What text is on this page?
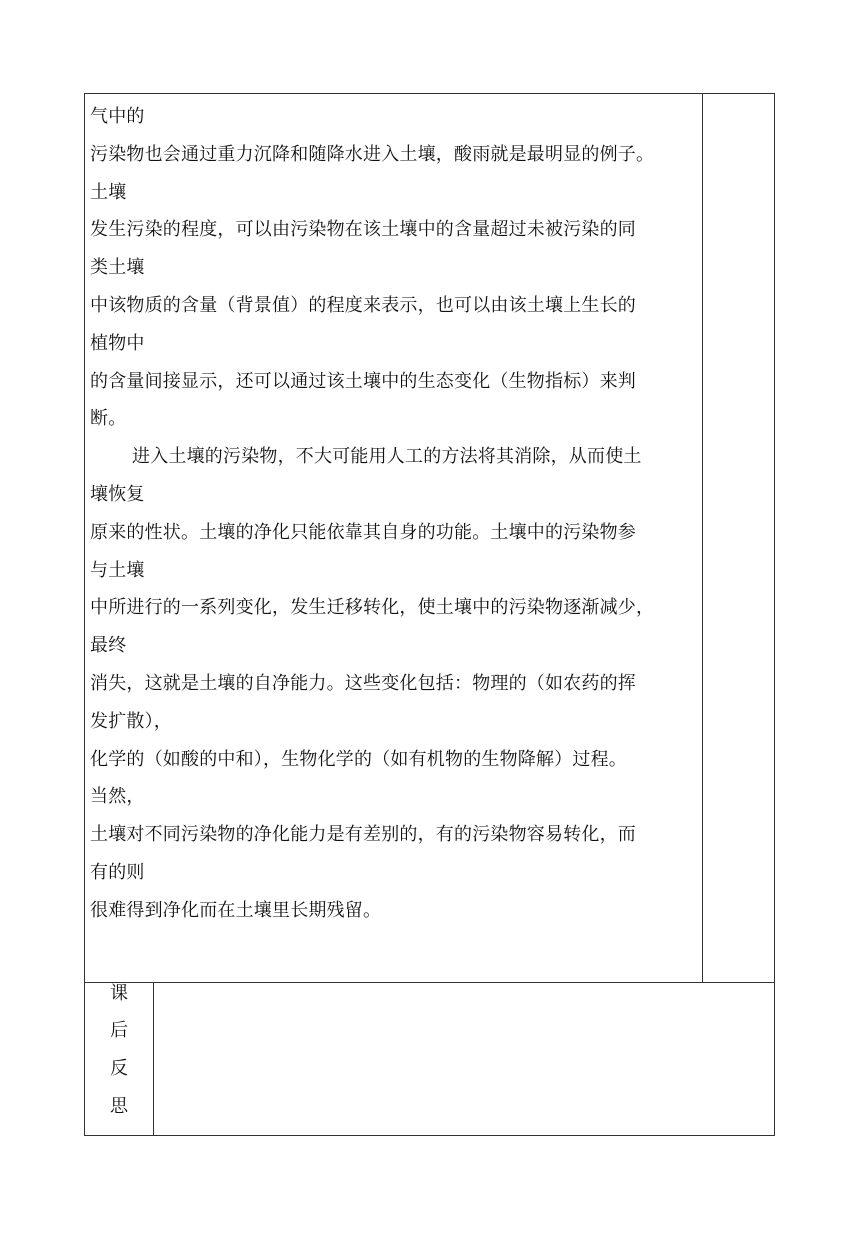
气中的
污染物也会通过重力沉降和随降水进入土壤，酸雨就是最明显的例子。
土壤
发生污染的程度，可以由污染物在该土壤中的含量超过未被污染的同
类土壤
中该物质的含量（背景值）的程度来表示，也可以由该土壤上生长的
植物中
的含量间接显示，还可以通过该土壤中的生态变化（生物指标）来判
断。
进入土壤的污染物，不大可能用人工的方法将其消除，从而使土
壤恢复
原来的性状。土壤的净化只能依靠其自身的功能。土壤中的污染物参
与土壤
中所进行的一系列变化，发生迁移转化，使土壤中的污染物逐渐减少，
最终
消失，这就是土壤的自净能力。这些变化包括：物理的（如农药的挥
发扩散），
化学的（如酸的中和），生物化学的（如有机物的生物降解）过程。
当然，
土壤对不同污染物的净化能力是有差别的，有的污染物容易转化，而
有的则
很难得到净化而在土壤里长期残留。
课
后
反
思
